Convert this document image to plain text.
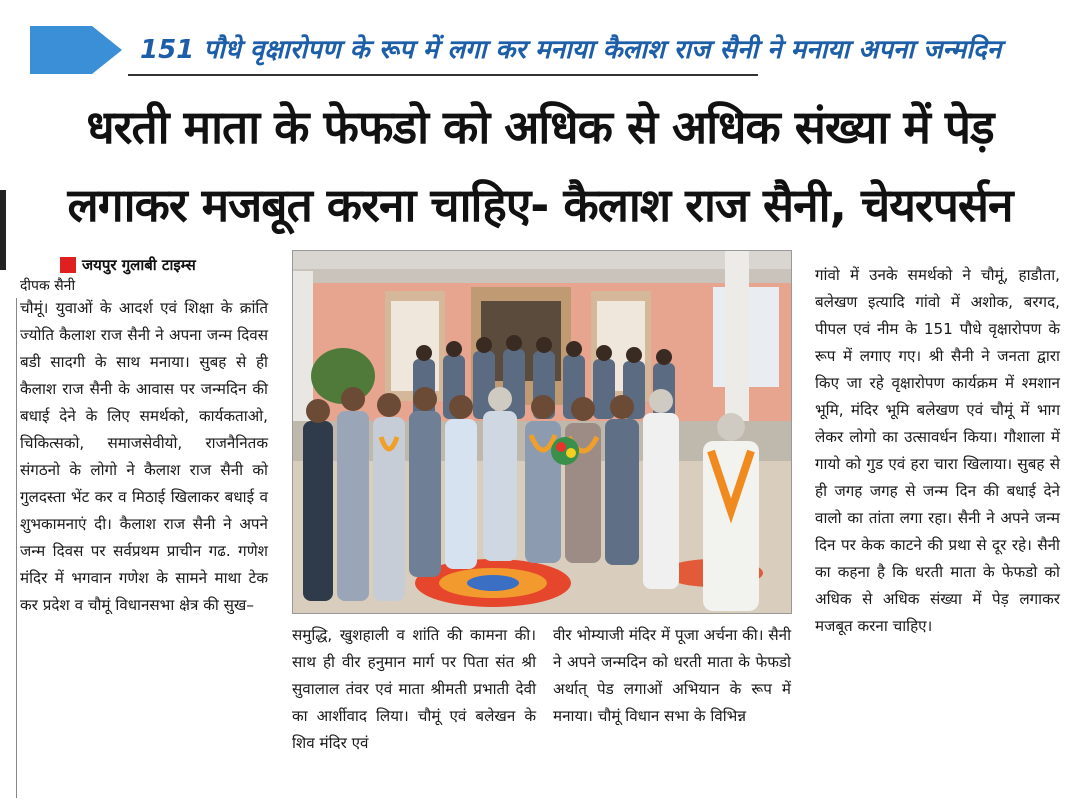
151 पौधे वृक्षारोपण के रूप में लगा कर मनाया कैलाश राज सैनी ने मनाया अपना जन्मदिन
धरती माता के फेफडो को अधिक से अधिक संख्या में पेड़
लगाकर मजबूत करना चाहिए- कैलाश राज सैनी, चेयरपर्सन
जयपुर गुलाबी टाइम्स
दीपक सैनी
चौमूं। युवाओं के आदर्श एवं शिक्षा के क्रांति ज्योति कैलाश राज सैनी ने अपना जन्म दिवस बडी सादगी के साथ मनाया। सुबह से ही कैलाश राज सैनी के आवास पर जन्मदिन की बधाई देने के लिए समर्थको, कार्यकताओ, चिकित्सको, समाजसेवीयो, राजनैनितक संगठनो के लोगो ने कैलाश राज सैनी को गुलदस्ता भेंट कर व मिठाई खिलाकर बधाई व शुभकामनाएं दी। कैलाश राज सैनी ने अपने जन्म दिवस पर सर्वप्रथम प्राचीन गढ. गणेश मंदिर में भगवान गणेश के सामने माथा टेक कर प्रदेश व चौमूं विधानसभा क्षेत्र की सुख–
समुद्धि, खुशहाली व शांति की कामना की। साथ ही वीर हनुमान मार्ग पर पिता संत श्री सुवालाल तंवर एवं माता श्रीमती प्रभाती देवी का आर्शीवाद लिया। चौमूं एवं बलेखन के शिव मंदिर एवं
वीर भोम्याजी मंदिर में पूजा अर्चना की। सैनी ने अपने जन्मदिन को धरती माता के फेफडो अर्थात् पेड लगाओं अभियान के रूप में मनाया। चौमूं विधान सभा के विभिन्न
गांवो में उनके समर्थको ने चौमूं, हाडौता, बलेखण इत्यादि गांवो में अशोक, बरगद, पीपल एवं नीम के 151 पौधे वृक्षारोपण के रूप में लगाए गए। श्री सैनी ने जनता द्वारा किए जा रहे वृक्षारोपण कार्यक्रम में श्मशान भूमि, मंदिर भूमि बलेखण एवं चौमूं में भाग लेकर लोगो का उत्सावर्धन किया। गौशाला में गायो को गुड एवं हरा चारा खिलाया। सुबह से ही जगह जगह से जन्म दिन की बधाई देने वालो का तांता लगा रहा। सैनी ने अपने जन्म दिन पर केक काटने की प्रथा से दूर रहे। सैनी का कहना है कि धरती माता के फेफडो को अधिक से अधिक संख्या में पेड़ लगाकर मजबूत करना चाहिए।
